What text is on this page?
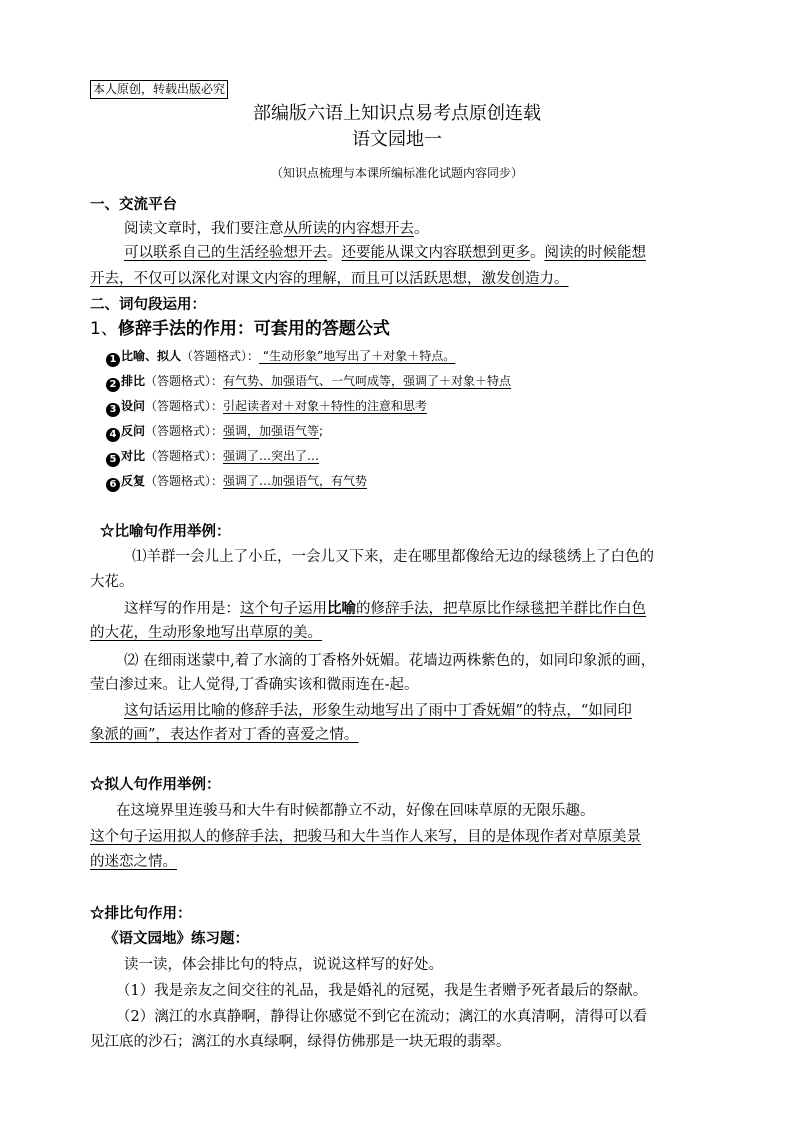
本人原创，转载出版必究
部编版六语上知识点易考点原创连载
语文园地一
（知识点梳理与本课所编标准化试题内容同步）
一、交流平台
阅读文章时，我们要注意从所读的内容想开去。
可以联系自己的生活经验想开去。还要能从课文内容联想到更多。阅读的时候能想
开去，不仅可以深化对课文内容的理解，而且可以活跃思想，激发创造力。
二、词句段运用：
1、修辞手法的作用：可套用的答题公式
1 比喻、拟人（答题格式）： “生动形象”地写出了＋对象＋特点。
2 排比（答题格式）：有气势、加强语气、一气呵成等，强调了＋对象＋特点
3 设问（答题格式）：引起读者对＋对象＋特性的注意和思考
4 反问（答题格式）：强调，加强语气等;
5 对比（答题格式）：强调了…突出了…
6 反复（答题格式）：强调了…加强语气，有气势
☆比喻句作用举例：
⑴羊群一会儿上了小丘，一会儿又下来，走在哪里都像给无边的绿毯绣上了白色的
大花。
这样写的作用是：这个句子运用比喻的修辞手法，把草原比作绿毯把羊群比作白色
的大花，生动形象地写出草原的美。
⑵ 在细雨迷蒙中,着了水滴的丁香格外妩媚。花墙边两株紫色的，如同印象派的画，
莹白渗过来。让人觉得,丁香确实该和微雨连在-起。
这句话运用比喻的修辞手法，形象生动地写出了雨中丁香妩媚”的特点，“如同印
象派的画”，表达作者对丁香的喜爱之情。
☆拟人句作用举例：
在这境界里连骏马和大牛有时候都静立不动，好像在回味草原的无限乐趣。
这个句子运用拟人的修辞手法，把骏马和大牛当作人来写，目的是体现作者对草原美景
的迷恋之情。
☆排比句作用：
《语文园地》练习题：
读一读，体会排比句的特点，说说这样写的好处。
（1）我是亲友之间交往的礼品，我是婚礼的冠冕，我是生者赠予死者最后的祭献。
（2）漓江的水真静啊，静得让你感觉不到它在流动；漓江的水真清啊，清得可以看
见江底的沙石；漓江的水真绿啊，绿得仿佛那是一块无瑕的翡翠。
